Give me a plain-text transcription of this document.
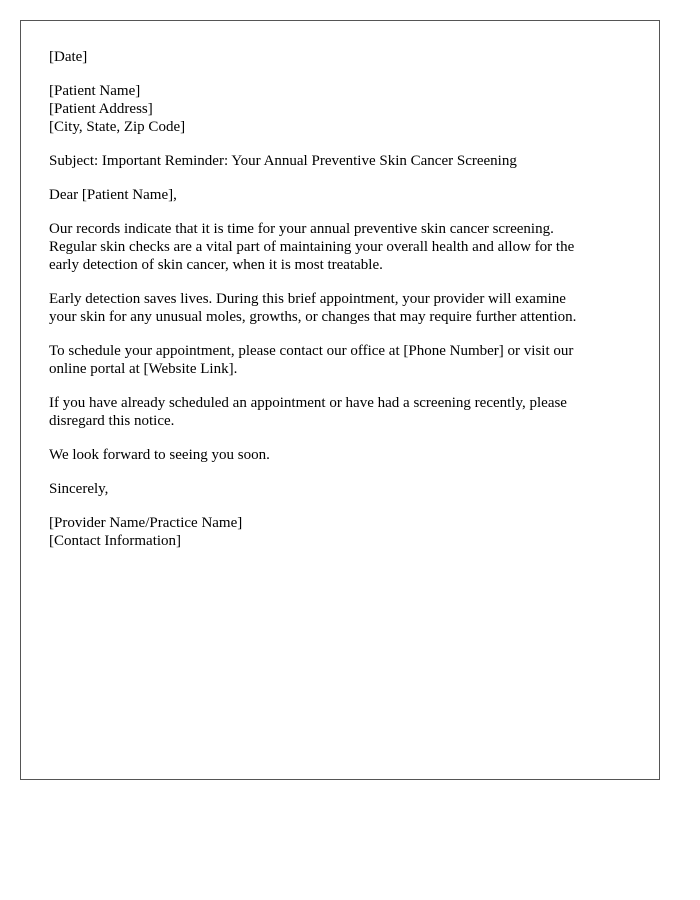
[Date]
[Patient Name]
[Patient Address]
[City, State, Zip Code]
Subject: Important Reminder: Your Annual Preventive Skin Cancer Screening
Dear [Patient Name],
Our records indicate that it is time for your annual preventive skin cancer screening.
Regular skin checks are a vital part of maintaining your overall health and allow for the
early detection of skin cancer, when it is most treatable.
Early detection saves lives. During this brief appointment, your provider will examine
your skin for any unusual moles, growths, or changes that may require further attention.
To schedule your appointment, please contact our office at [Phone Number] or visit our
online portal at [Website Link].
If you have already scheduled an appointment or have had a screening recently, please
disregard this notice.
We look forward to seeing you soon.
Sincerely,
[Provider Name/Practice Name]
[Contact Information]
